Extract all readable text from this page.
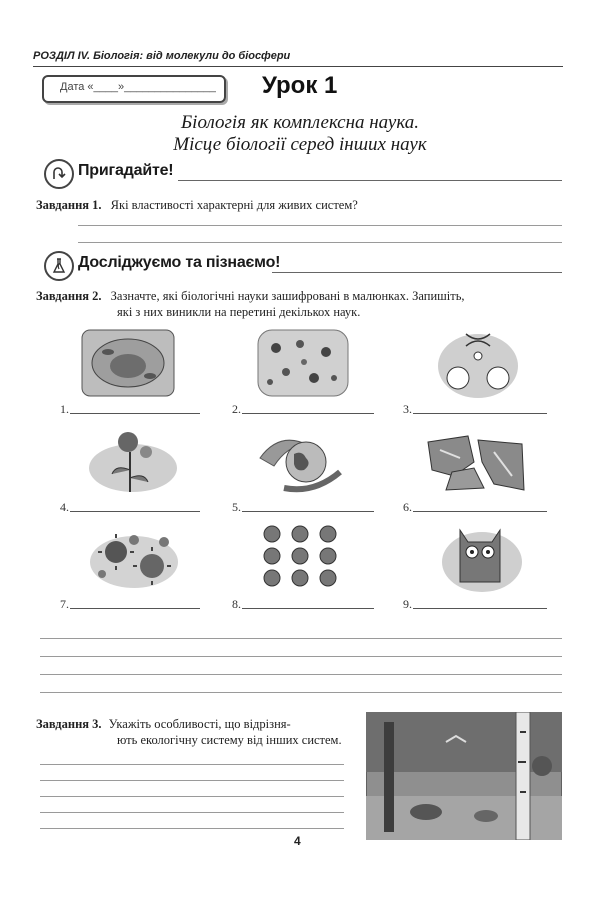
РОЗДІЛ IV. Біологія: від молекули до біосфери
Дата «____»_______________ Урок 1
Біологія як комплексна наука.
Місце біології серед інших наук
Пригадайте!
Завдання 1. Які властивості характерні для живих систем?
Досліджуємо та пізнаємо!
Завдання 2. Зазначте, які біологічні науки зашифровані в малюнках. Запишіть,
які з них виникли на перетині декількох наук.
1.	2.	3.
4.	5.	6.
7.	8.	9.
Завдання 3. Укажіть особливості, що відрізня-
ють екологічну систему від інших систем.
4
